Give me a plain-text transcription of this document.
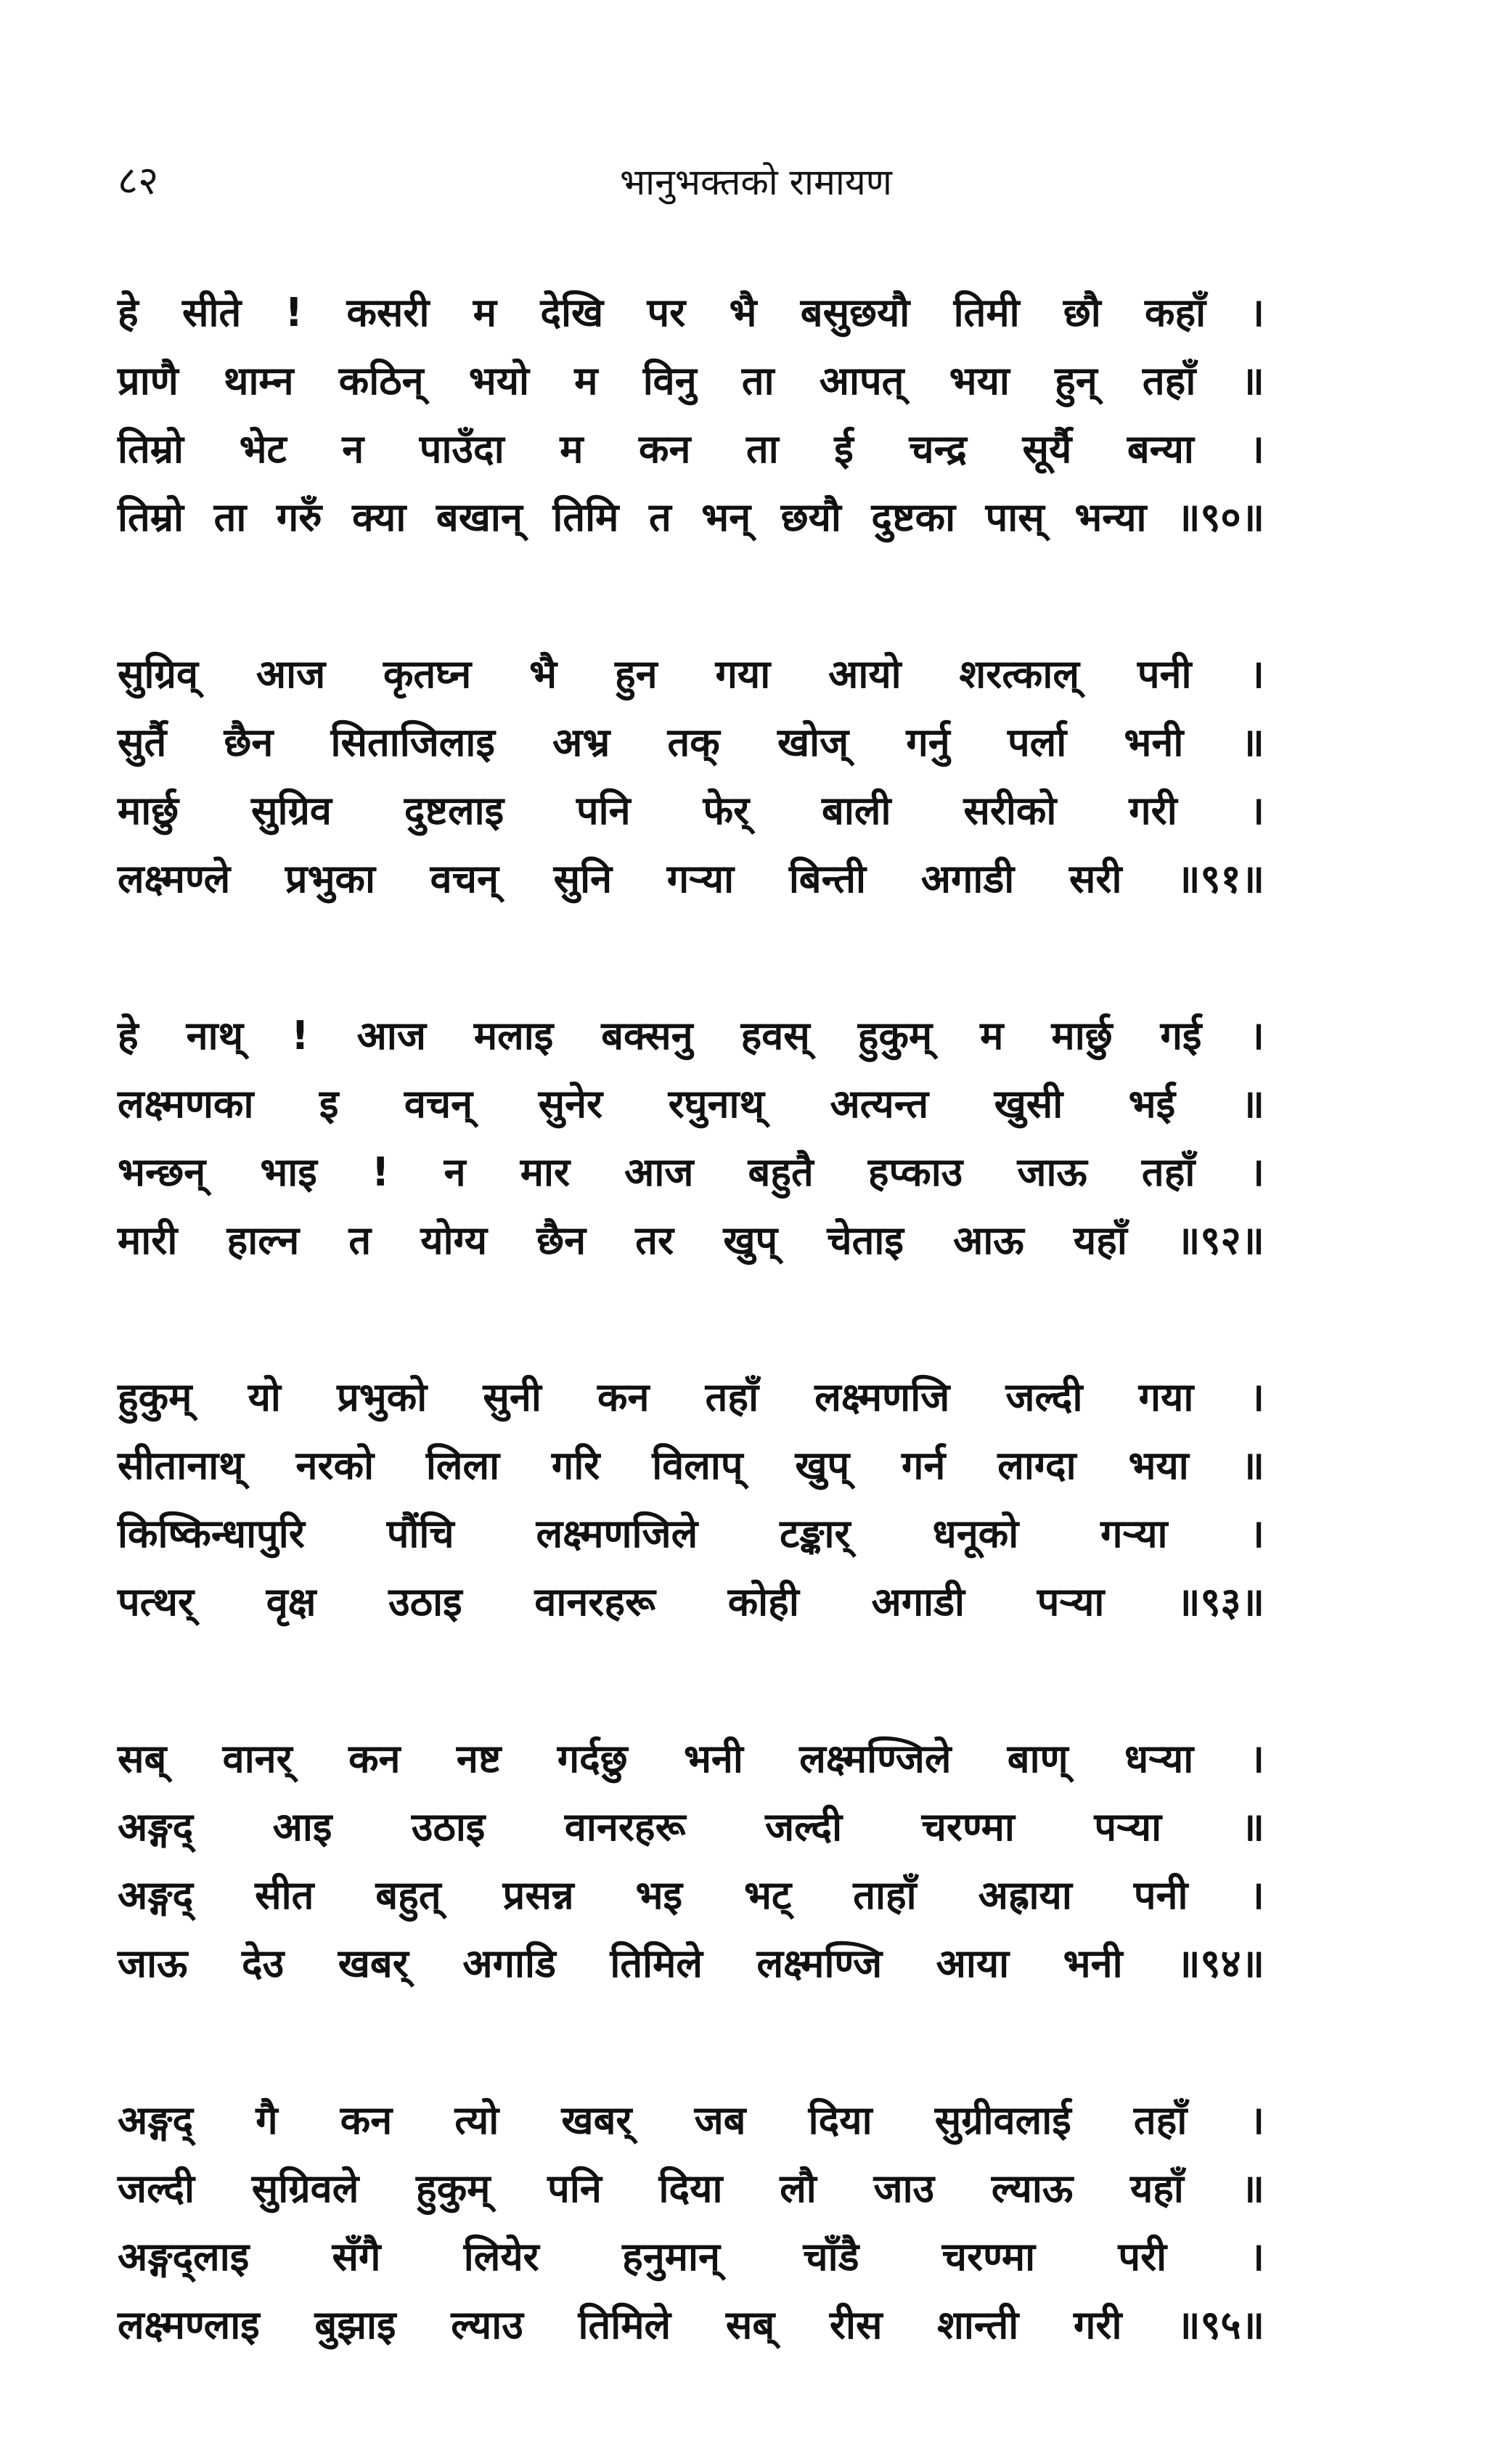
८२	भानुभक्तको रामायण
हे सीते ! कसरी म देखि पर भै बसुछयौ तिमी छौ कहाँ ।
प्राणै थाम्न कठिन् भयो म विनु ता आपत् भया हुन् तहाँ ॥
तिम्रो भेट न पाउँदा म कन ता ई चन्द्र सूर्यै बन्या ।
तिम्रो ता गरुँ क्या बखान् तिमि त भन् छयौ दुष्टका पास् भन्या ॥९०॥
सुग्रिव् आज कृतघ्न भै हुन गया आयो शरत्काल् पनी ।
सुर्तै छैन सिताजिलाइ अभ्र तक् खोज् गर्नु पर्ला भनी ॥
मार्छु सुग्रिव दुष्टलाइ पनि फेर् बाली सरीको गरी ।
लक्ष्मण्ले प्रभुका वचन् सुनि गऱ्या बिन्ती अगाडी सरी ॥९१॥
हे नाथ् ! आज मलाइ बक्सनु हवस् हुकुम् म मार्छु गई ।
लक्ष्मणका इ वचन् सुनेर रघुनाथ् अत्यन्त खुसी भई ॥
भन्छन् भाइ ! न मार आज बहुतै हप्काउ जाऊ तहाँ ।
मारी हाल्न त योग्य छैन तर खुप् चेताइ आऊ यहाँ ॥९२॥
हुकुम् यो प्रभुको सुनी कन तहाँ लक्ष्मणजि जल्दी गया ।
सीतानाथ् नरको लिला गरि विलाप् खुप् गर्न लाग्दा भया ॥
किष्किन्धापुरि पौंचि लक्ष्मणजिले टङ्कार् धनूको गऱ्या ।
पत्थर् वृक्ष उठाइ वानरहरू कोही अगाडी पऱ्या ॥९३॥
सब् वानर् कन नष्ट गर्दछु भनी लक्ष्मण्जिले बाण् धऱ्या ।
अङ्गद् आइ उठाइ वानरहरू जल्दी चरण्मा पऱ्या ॥
अङ्गद् सीत बहुत् प्रसन्न भइ भट् ताहाँ अह्राया पनी ।
जाऊ देउ खबर् अगाडि तिमिले लक्ष्मण्जि आया भनी ॥९४॥
अङ्गद् गै कन त्यो खबर् जब दिया सुग्रीवलाई तहाँ ।
जल्दी सुग्रिवले हुकुम् पनि दिया लौ जाउ ल्याऊ यहाँ ॥
अङ्गद्लाइ सँगै लियेर हनुमान् चाँडै चरण्मा परी ।
लक्ष्मण्लाइ बुझाइ ल्याउ तिमिले सब् रीस शान्ती गरी ॥९५॥
